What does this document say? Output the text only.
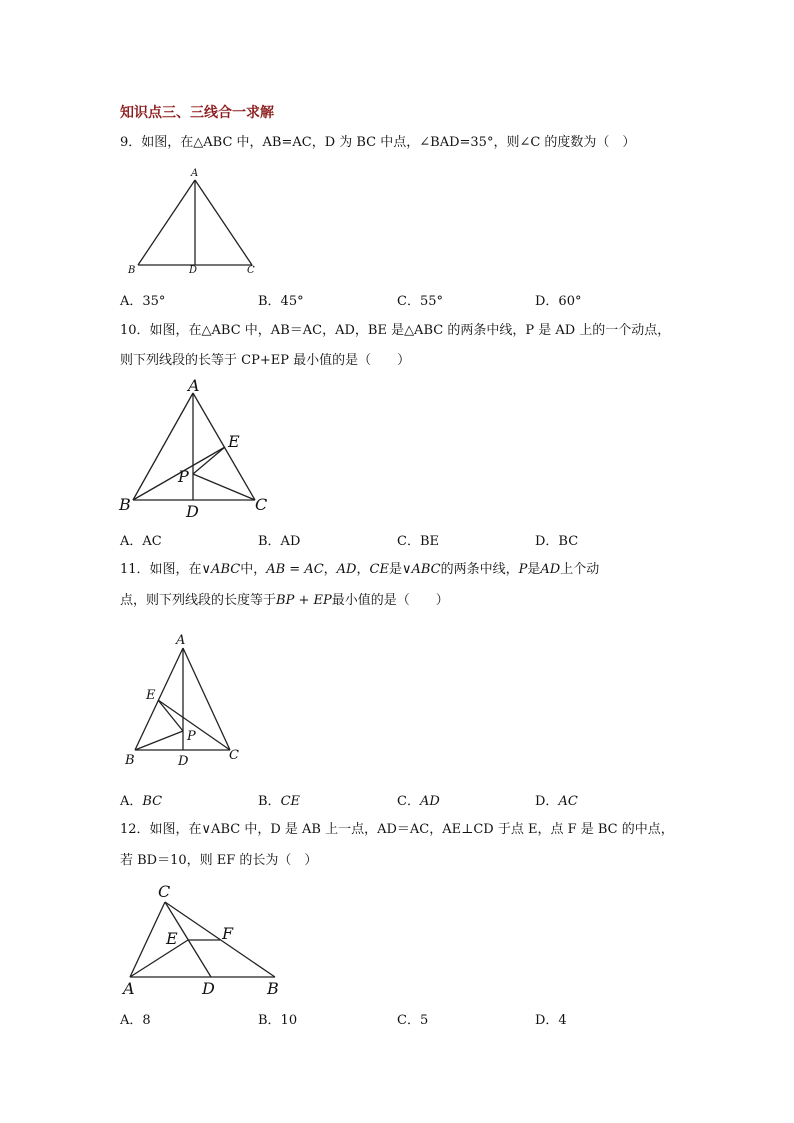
知识点三、三线合一求解
9．如图，在△ABC 中，AB=AC，D 为 BC 中点，∠BAD=35°，则∠C 的度数为（　）
A
B	D	C
A．35°	B．45°	C．55°	D．60°
10．如图，在△ABC 中，AB＝AC，AD，BE 是△ABC 的两条中线，P 是 AD 上的一个动点，
则下列线段的长等于 CP+EP 最小值的是（　　）
A
B	D	C
E
P
A．AC	B．AD	C．BE	D．BC
11．如图，在∨ABC中，AB = AC，AD，CE是∨ABC的两条中线，P是AD上个动
点，则下列线段的长度等于BP + EP最小值的是（　　）
A
B	D	C
E
P
A．BC	B．CE	C．AD	D．AC
12．如图，在∨ABC 中，D 是 AB 上一点，AD＝AC，AE⊥CD 于点 E，点 F 是 BC 的中点，
若 BD＝10，则 EF 的长为（　）
C
A	D	B
E	F
A．8	B．10	C．5	D．4
